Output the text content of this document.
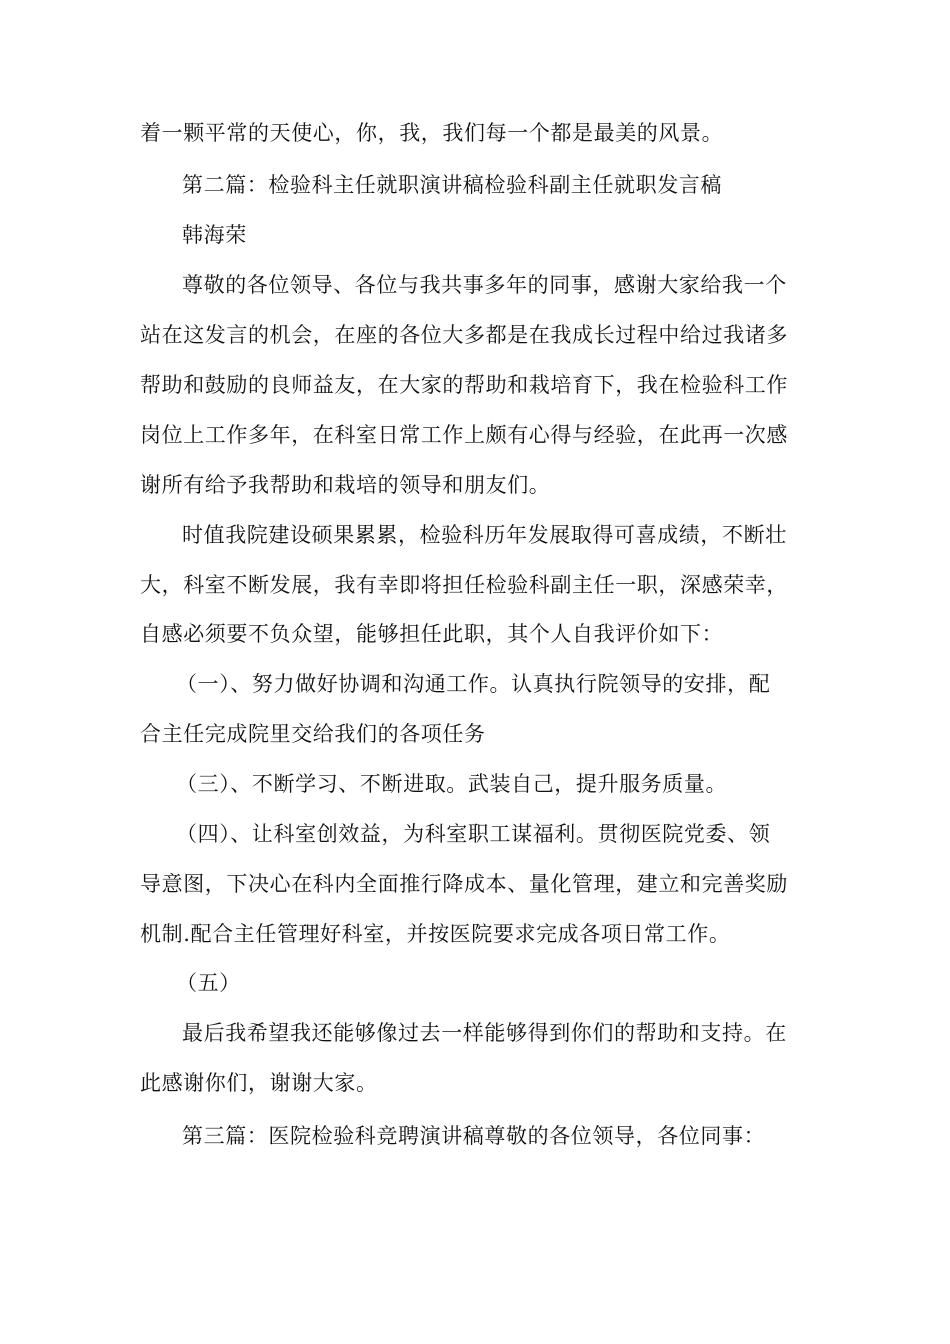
着一颗平常的天使心，你，我，我们每一个都是最美的风景。
第二篇：检验科主任就职演讲稿检验科副主任就职发言稿
韩海荣
尊敬的各位领导、各位与我共事多年的同事，感谢大家给我一个
站在这发言的机会，在座的各位大多都是在我成长过程中给过我诸多
帮助和鼓励的良师益友，在大家的帮助和栽培育下，我在检验科工作
岗位上工作多年，在科室日常工作上颇有心得与经验，在此再一次感
谢所有给予我帮助和栽培的领导和朋友们。
时值我院建设硕果累累，检验科历年发展取得可喜成绩，不断壮
大，科室不断发展，我有幸即将担任检验科副主任一职，深感荣幸，
自感必须要不负众望，能够担任此职，其个人自我评价如下：
（一）、努力做好协调和沟通工作。认真执行院领导的安排，配
合主任完成院里交给我们的各项任务
（三）、不断学习、不断进取。武装自己，提升服务质量。
（四）、让科室创效益，为科室职工谋福利。贯彻医院党委、领
导意图，下决心在科内全面推行降成本、量化管理，建立和完善奖励
机制.配合主任管理好科室，并按医院要求完成各项日常工作。
（五）
最后我希望我还能够像过去一样能够得到你们的帮助和支持。在
此感谢你们，谢谢大家。
第三篇：医院检验科竞聘演讲稿尊敬的各位领导，各位同事：
